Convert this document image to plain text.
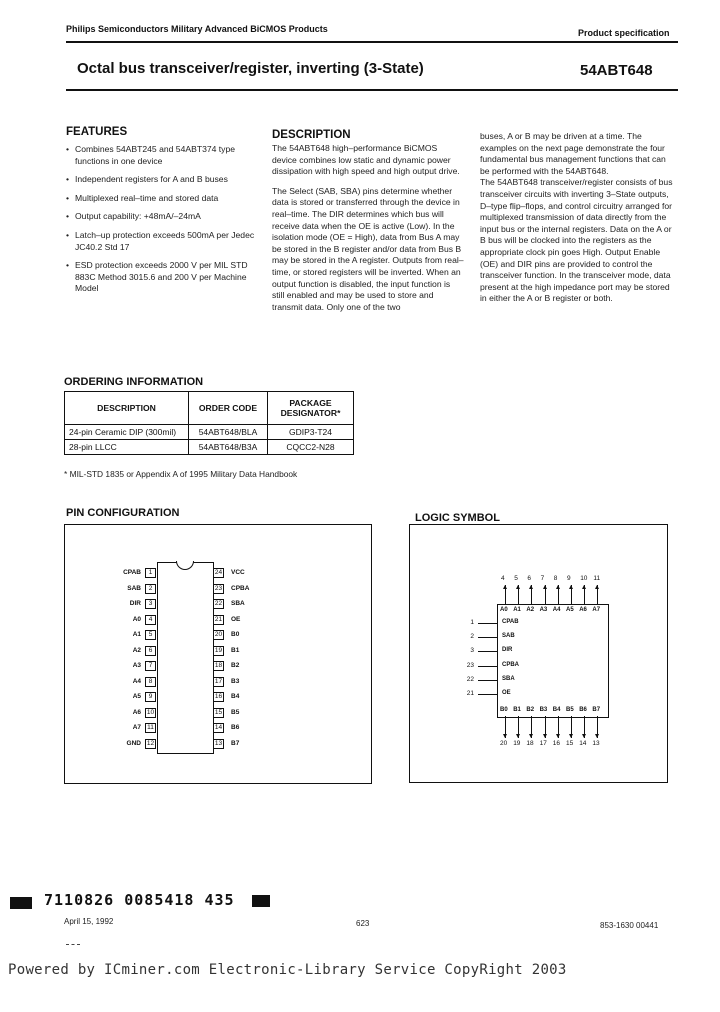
Philips Semiconductors Military Advanced BiCMOS Products	Product specification
Octal bus transceiver/register, inverting (3-State)	54ABT648
FEATURES
• Combines 54ABT245 and 54ABT374 type functions in one device
• Independent registers for A and B buses
• Multiplexed real–time and stored data
• Output capability: +48mA/–24mA
• Latch–up protection exceeds 500mA per Jedec JC40.2 Std 17
• ESD protection exceeds 2000 V per MIL STD 883C Method 3015.6 and 200 V per Machine Model
DESCRIPTION

The 54ABT648 high–performance BiCMOS device combines low static and dynamic power dissipation with high speed and high output drive.

The Select (SAB, SBA) pins determine whether data is stored or transferred through the device in real–time. The DIR determines which bus will receive data when the OE is active (Low). In the isolation mode (OE = High), data from Bus A may be stored in the B register and/or data from Bus B may be stored in the A register. Outputs from real–time, or stored registers will be inverted. When an output function is disabled, the input function is still enabled and may be used to store and transmit data. Only one of the two

buses, A or B may be driven at a time. The examples on the next page demonstrate the four fundamental bus management functions that can be performed with the 54ABT648.

The 54ABT648 transceiver/register consists of bus transceiver circuits with inverting 3–State outputs, D–type flip–flops, and control circuitry arranged for multiplexed transmission of data directly from the input bus or the internal registers. Data on the A or B bus will be clocked into the registers as the appropriate clock pin goes High. Output Enable (OE) and DIR pins are provided to control the transceiver function. In the transceiver mode, data present at the high impedance port may be stored in either the A or B register or both.

ORDERING INFORMATION
DESCRIPTION	ORDER CODE	PACKAGE DESIGNATOR*
24-pin Ceramic DIP (300mil)	54ABT648/BLA	GDIP3-T24
28-pin LLCC	54ABT648/B3A	CQCC2-N28
* MIL-STD 1835 or Appendix A of 1995 Military Data Handbook
PIN CONFIGURATION
CPAB	1
SAB	2
DIR	3
A0	4
A1	5
A2	6
A3	7
A4	8
A5	9
A6 10
A7 11
GND 12
24 VCC
23 CPBA
22 SBA
21 OE
20 B0
19 B1
18 B2
17 B3
16 B4
15 B5
14 B6
13 B7
LOGIC SYMBOL
4
A0
B0
20
5
A1
B1
19
6
A2
B2
18
7
A3
B3
17
8
A4
B4
16
9
A5
B5
15
10
A6
B6
14
11
A7
B7
13
1	CPAB
2	SAB
3	DIR
23	CPBA
22	SBA
21	OE
7110826 0085418 435
April 15, 1992	623	853-1630 00441
Powered by ICminer.com Electronic-Library Service CopyRight 2003
